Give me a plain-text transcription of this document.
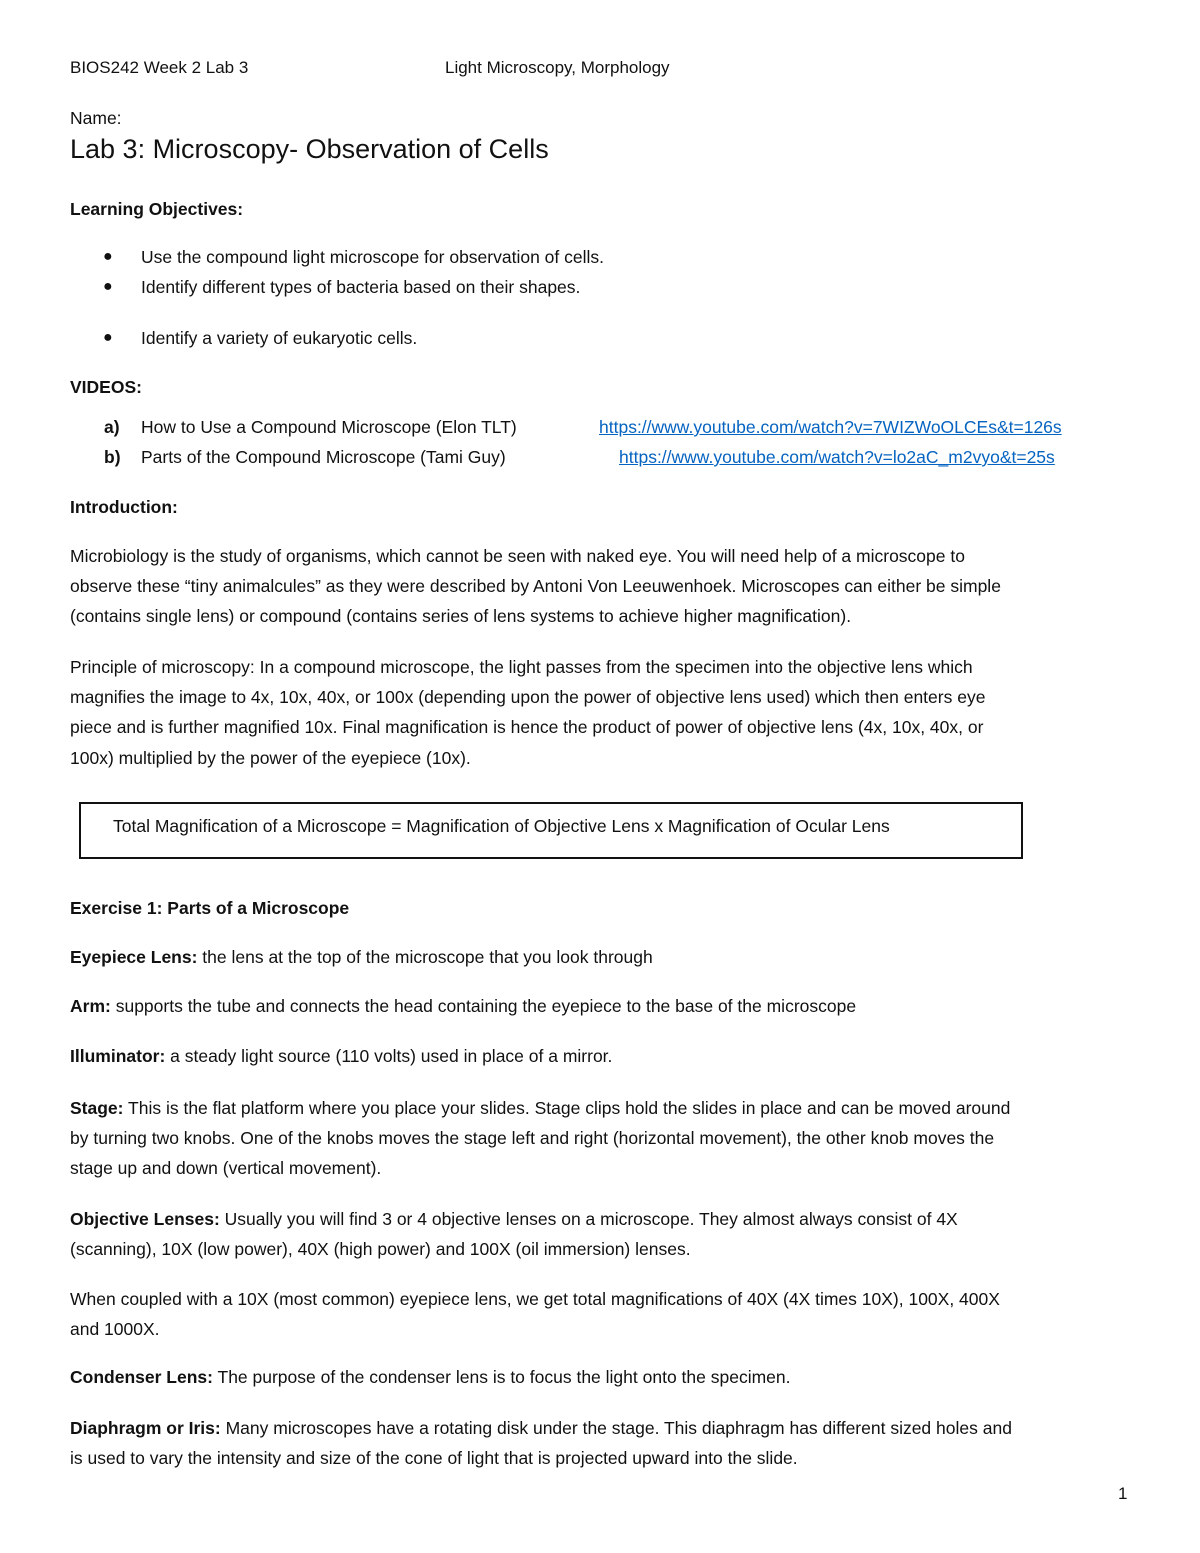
BIOS242 Week 2 Lab 3	Light Microscopy, Morphology
Name:
Lab 3: Microscopy- Observation of Cells
Learning Objectives:
● Use the compound light microscope for observation of cells.
● Identify different types of bacteria based on their shapes.
● Identify a variety of eukaryotic cells.
VIDEOS:
a) How to Use a Compound Microscope (Elon TLT)	https://www.youtube.com/watch?v=7WIZWoOLCEs&t=126s
b) Parts of the Compound Microscope (Tami Guy)	https://www.youtube.com/watch?v=lo2aC_m2vyo&t=25s
Introduction:
Microbiology is the study of organisms, which cannot be seen with naked eye. You will need help of a microscope to
observe these “tiny animalcules” as they were described by Antoni Von Leeuwenhoek. Microscopes can either be simple
(contains single lens) or compound (contains series of lens systems to achieve higher magnification).
Principle of microscopy: In a compound microscope, the light passes from the specimen into the objective lens which
magnifies the image to 4x, 10x, 40x, or 100x (depending upon the power of objective lens used) which then enters eye
piece and is further magnified 10x. Final magnification is hence the product of power of objective lens (4x, 10x, 40x, or
100x) multiplied by the power of the eyepiece (10x).
Total Magnification of a Microscope = Magnification of Objective Lens x Magnification of Ocular Lens
Exercise 1: Parts of a Microscope
Eyepiece Lens: the lens at the top of the microscope that you look through
Arm: supports the tube and connects the head containing the eyepiece to the base of the microscope
Illuminator: a steady light source (110 volts) used in place of a mirror.
Stage: This is the flat platform where you place your slides. Stage clips hold the slides in place and can be moved around
by turning two knobs. One of the knobs moves the stage left and right (horizontal movement), the other knob moves the
stage up and down (vertical movement).
Objective Lenses: Usually you will find 3 or 4 objective lenses on a microscope. They almost always consist of 4X
(scanning), 10X (low power), 40X (high power) and 100X (oil immersion) lenses.
When coupled with a 10X (most common) eyepiece lens, we get total magnifications of 40X (4X times 10X), 100X, 400X
and 1000X.
Condenser Lens: The purpose of the condenser lens is to focus the light onto the specimen.
Diaphragm or Iris: Many microscopes have a rotating disk under the stage. This diaphragm has different sized holes and
is used to vary the intensity and size of the cone of light that is projected upward into the slide.
1
